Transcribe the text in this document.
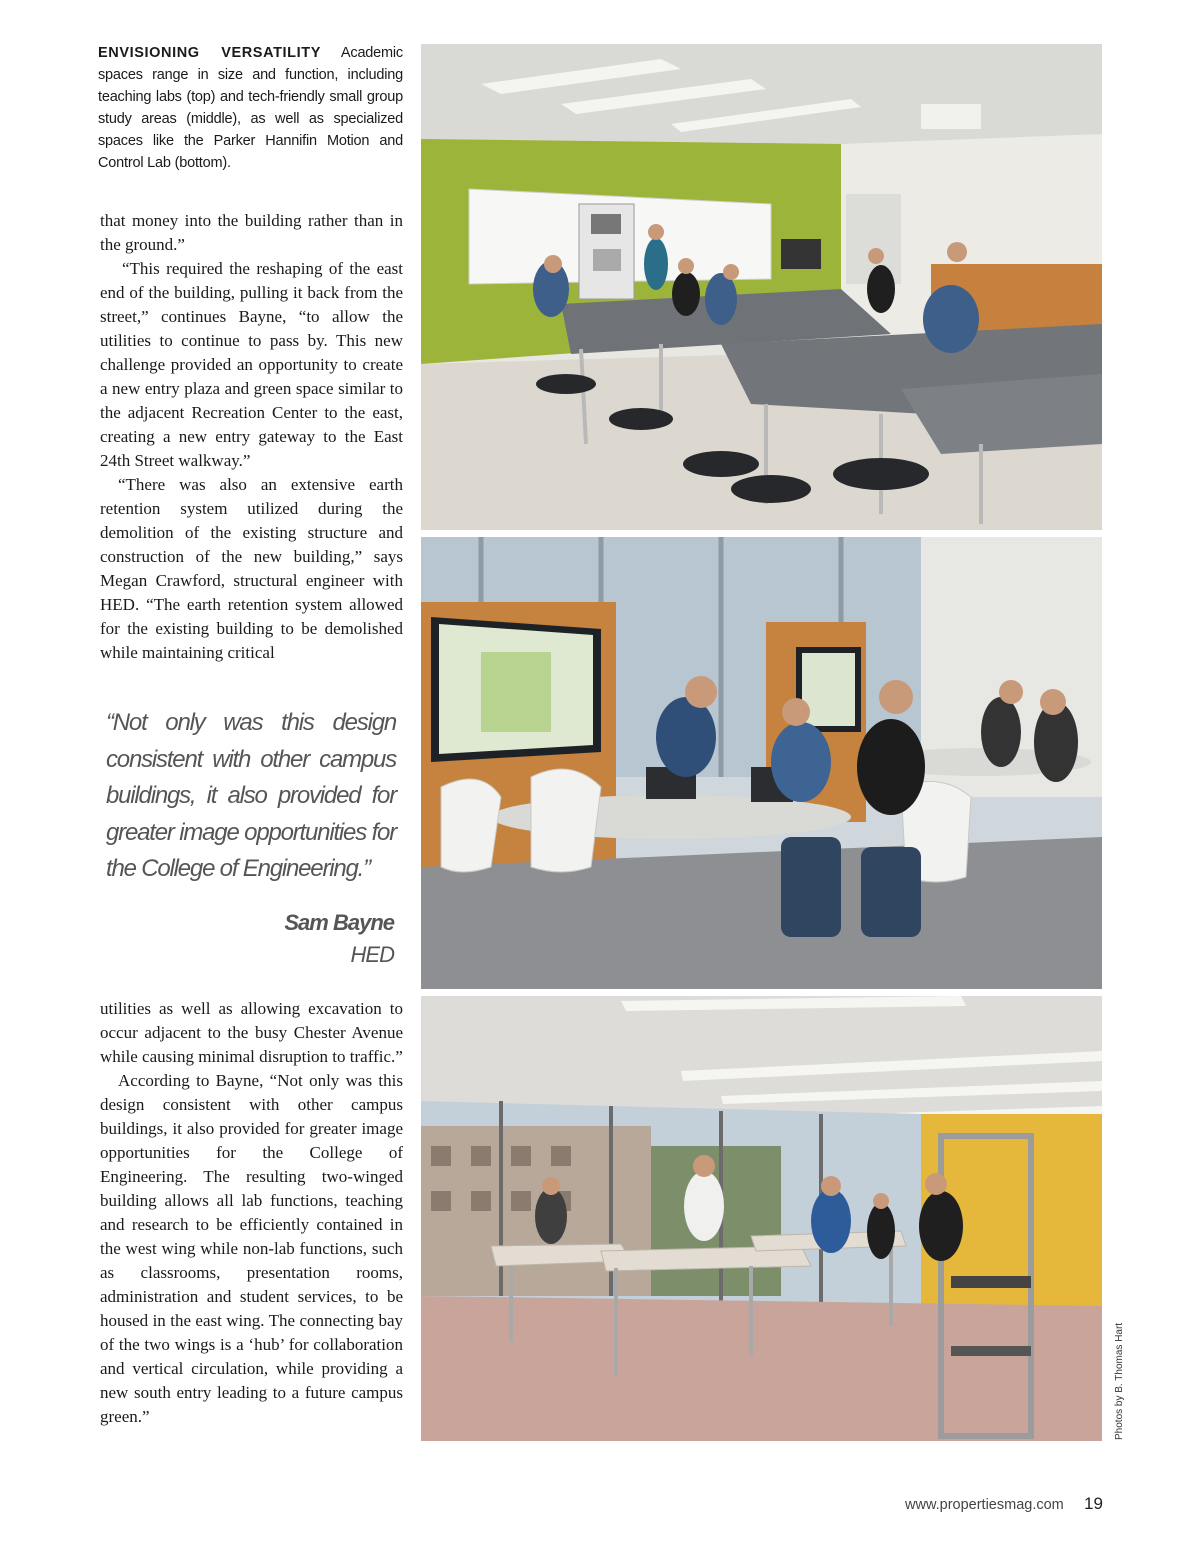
ENVISIONING VERSATILITY Academic spaces range in size and function, including teaching labs (top) and tech-friendly small group study areas (middle), as well as specialized spaces like the Parker Hannifin Motion and Control Lab (bottom).

that money into the building rather than in the ground.”

“This required the reshaping of the east end of the building, pulling it back from the street,” continues Bayne, “to allow the utilities to continue to pass by. This new challenge provided an opportunity to create a new entry plaza and green space similar to the adjacent Recreation Center to the east, creating a new entry gateway to the East 24th Street walkway.”

“There was also an extensive earth retention system utilized during the demolition of the existing structure and construction of the new building,” says Megan Crawford, structural engineer with HED. “The earth retention system allowed for the existing building to be demolished while maintaining critical

“Not only was this design consistent with other campus buildings, it also provided for greater image opportunities for the College of Engineering.”
Sam Bayne
HED

utilities as well as allowing excavation to occur adjacent to the busy Chester Avenue while causing minimal disruption to traffic.”

According to Bayne, “Not only was this design consistent with other campus buildings, it also provided for greater image opportunities for the College of Engineering. The resulting two-winged building allows all lab functions, teaching and research to be efficiently contained in the west wing while non-lab functions, such as classrooms, presentation rooms, administration and student services, to be housed in the east wing. The connecting bay of the two wings is a ‘hub’ for collaboration and vertical circulation, while providing a new south entry leading to a future campus green.”	Photos by B. Thomas Hart
www.propertiesmag.com 19
